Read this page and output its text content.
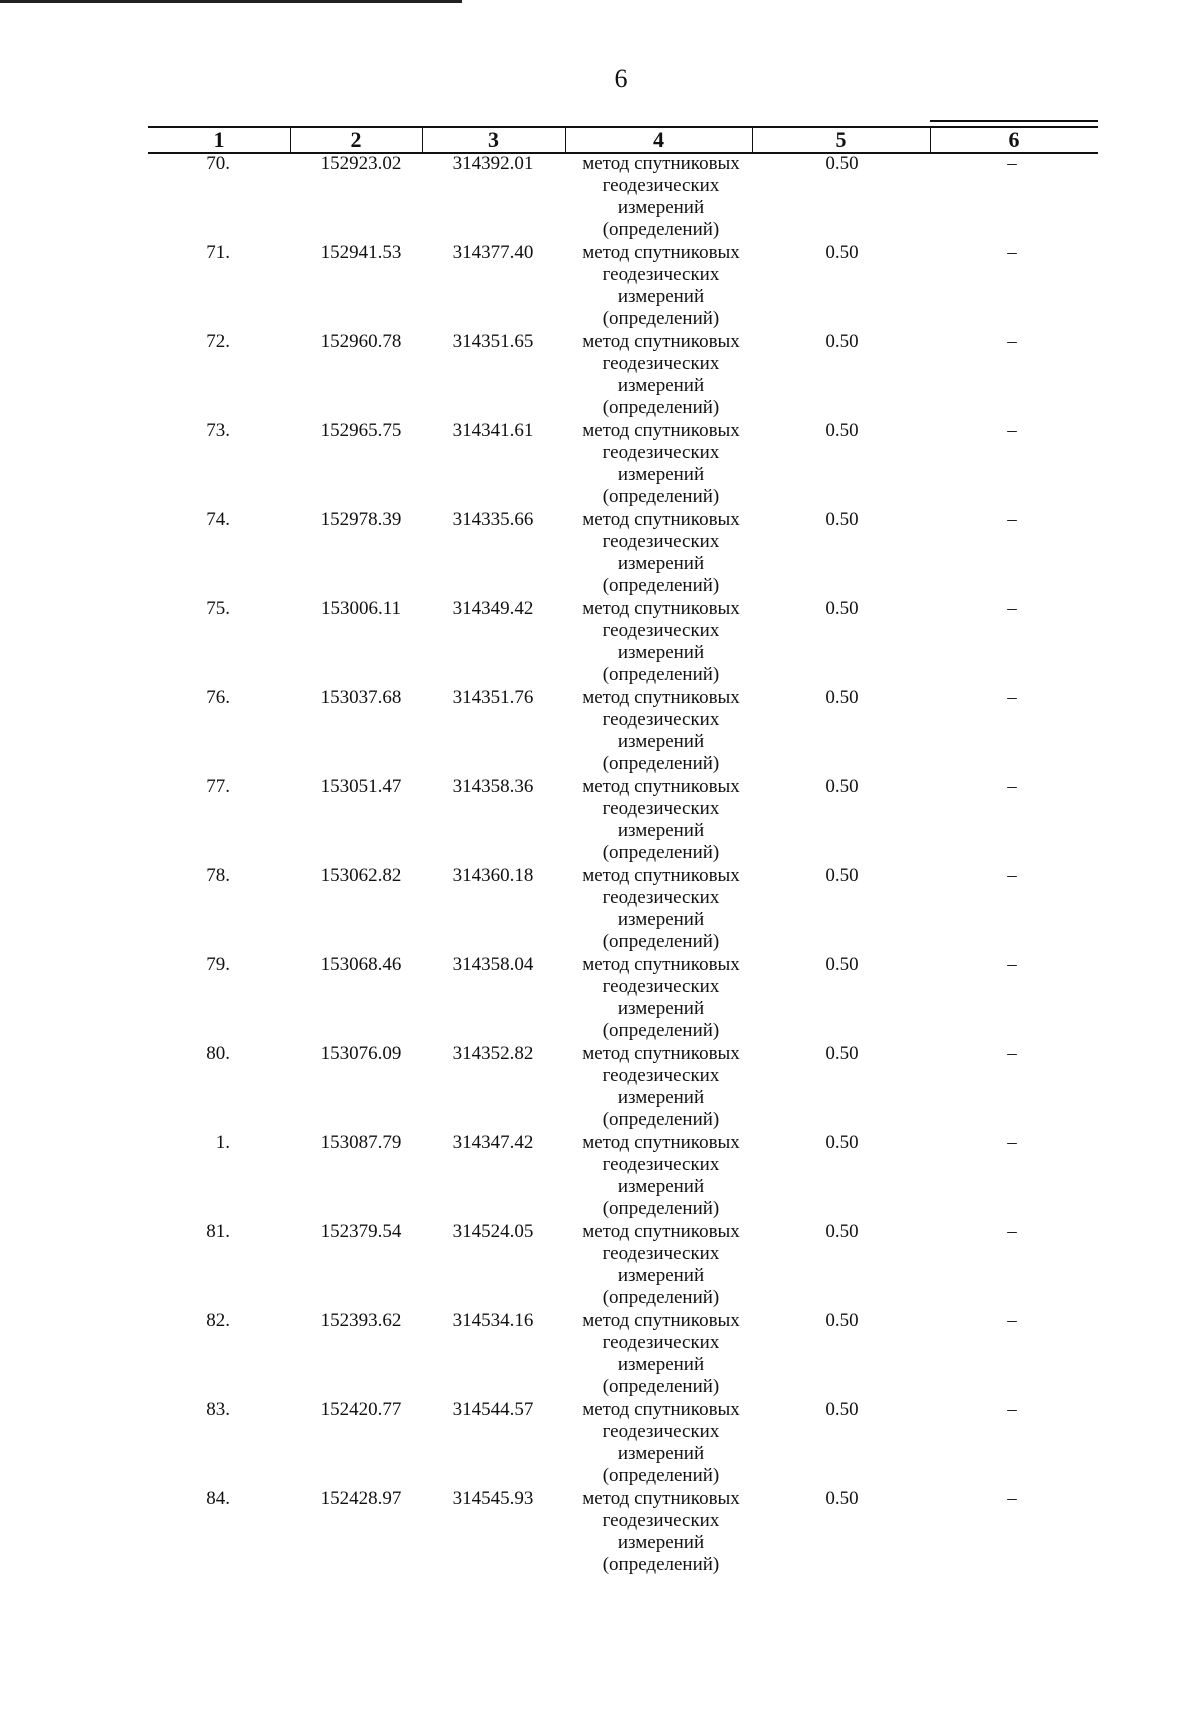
6
1	2	3	4	5	6
70.	152923.02	314392.01	метод спутниковых
геодезических
измерений
(определений)
0.50	–
71.	152941.53	314377.40	метод спутниковых
геодезических
измерений
(определений)
0.50	–
72.	152960.78	314351.65	метод спутниковых
геодезических
измерений
(определений)
0.50	–
73.	152965.75	314341.61	метод спутниковых
геодезических
измерений
(определений)
0.50	–
74.	152978.39	314335.66	метод спутниковых
геодезических
измерений
(определений)
0.50	–
75.	153006.11	314349.42	метод спутниковых
геодезических
измерений
(определений)
0.50	–
76.	153037.68	314351.76	метод спутниковых
геодезических
измерений
(определений)
0.50	–
77.	153051.47	314358.36	метод спутниковых
геодезических
измерений
(определений)
0.50	–
78.	153062.82	314360.18	метод спутниковых
геодезических
измерений
(определений)
0.50	–
79.	153068.46	314358.04	метод спутниковых
геодезических
измерений
(определений)
0.50	–
80.	153076.09	314352.82	метод спутниковых
геодезических
измерений
(определений)
0.50	–
1.	153087.79	314347.42	метод спутниковых
геодезических
измерений
(определений)
0.50	–
81.	152379.54	314524.05	метод спутниковых
геодезических
измерений
(определений)
0.50	–
82.	152393.62	314534.16	метод спутниковых
геодезических
измерений
(определений)
0.50	–
83.	152420.77	314544.57	метод спутниковых
геодезических
измерений
(определений)
0.50	–
84.	152428.97	314545.93	метод спутниковых
геодезических
измерений
(определений)
0.50	–
